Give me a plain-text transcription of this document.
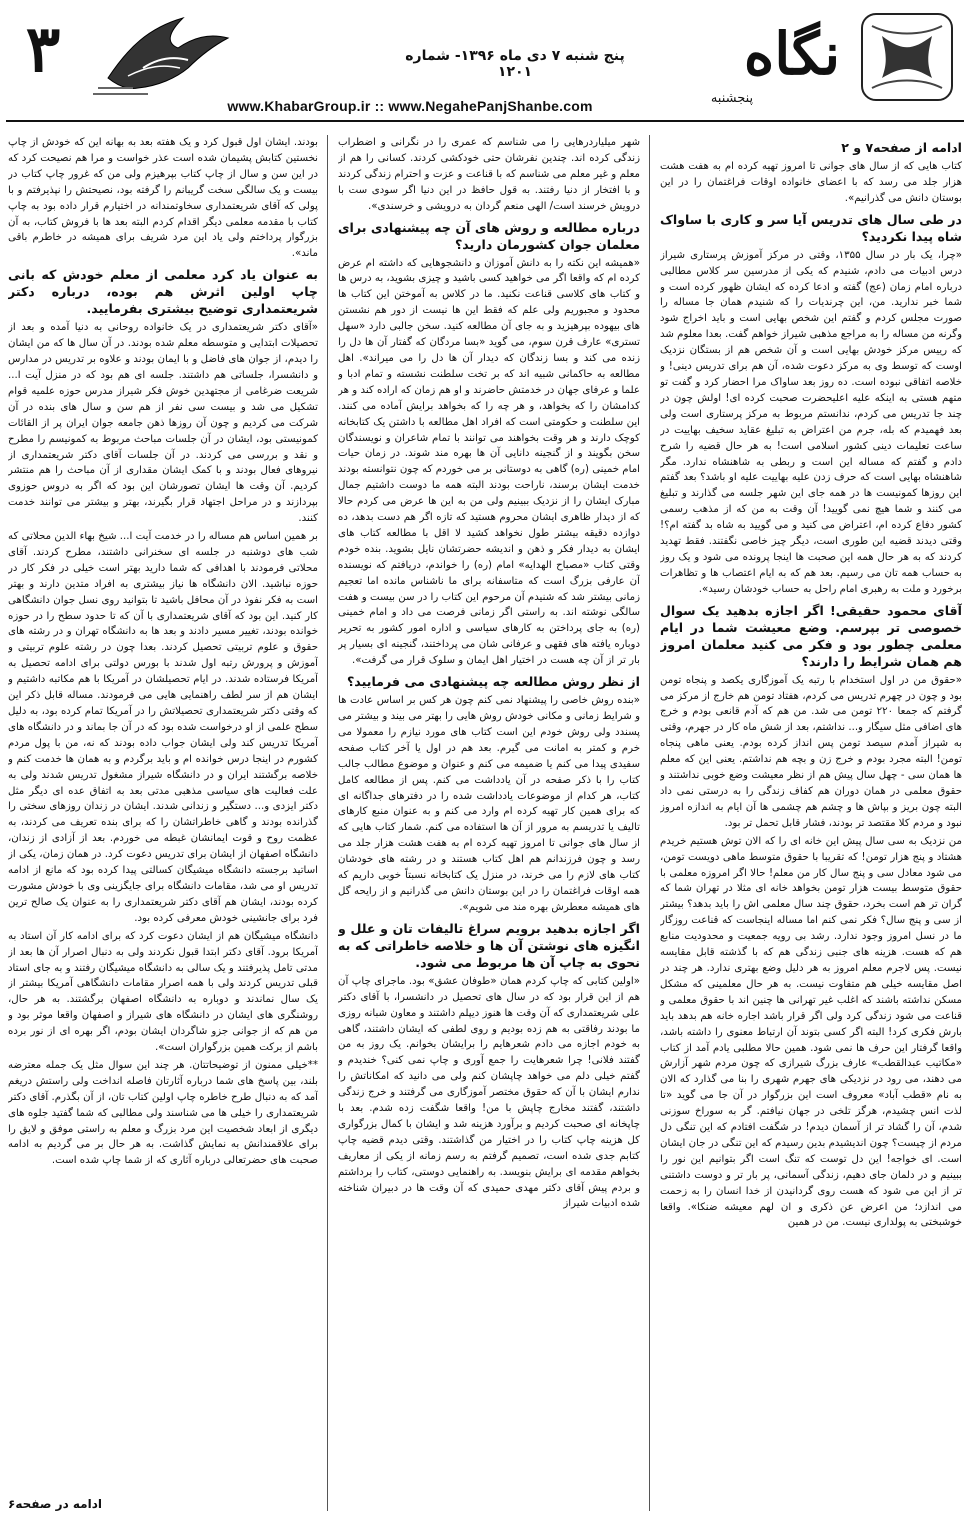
۳	نگاه
پنجشنبه
پنج شنبه ۷ دی ماه ۱۳۹۶- شماره ۱۲۰۱
www.KhabarGroup.ir :: www.NegahePanjShanbe.com
ادامه از صفحه۷ و ۲

کتاب هایی که از سال های جوانی تا امروز تهیه کرده ام به هفت هشت هزار جلد می رسد که با اعضای خانواده اوقات فراغتمان را در این بوستان دانش می گذرانیم».

در طی سال های تدریس آیا سر و کاری با ساواک شاه پیدا نکردید؟

«چرا، یک بار در سال ۱۳۵۵، وقتی در مرکز آموزش پرستاری شیراز درس ادبیات می دادم، شنیدم که یکی از مدرسین سر کلاس مطالبی درباره امام زمان (عج) گفته و ادعا کرده که ایشان ظهور کرده است و شما خبر ندارید. من، این چرندیات را که شنیدم همان جا مساله را صورت مجلس کردم و گفتم این شخص بهایی است و باید اخراج شود وگرنه من مساله را به مراجع مذهبی شیراز خواهم گفت. بعدا معلوم شد که رییس مرکز خودش بهایی است و آن شخص هم از بستگان نزدیک اوست که توسط وی به مرکز دعوت شده، آن هم برای تدریس دینی! و خلاصه اتفاقی نبوده است. ده روز بعد ساواک مرا احضار کرد و گفت تو متهم هستی به اینکه علیه اعلیحضرت صحبت کرده ای! اولش چون در چند جا تدریس می کردم، ندانستم مربوط به مرکز پرستاری است ولی بعد فهمیدم که بله، جرم من اعتراض به تبلیغ عقاید سخیف بهاییت در ساعت تعلیمات دینی کشور اسلامی است! به هر حال قضیه را شرح دادم و گفتم که مساله این است و ربطی به شاهنشاه ندارد. مگر شاهنشاه بهایی است که حرف زدن علیه بهاییت علیه او باشد؟ بعد گفتم این روزها کمونیست ها در همه جای این شهر جلسه می گذارند و تبلیغ می کنند و شما هیچ نمی گویید! آن وقت به من که از مذهب رسمی کشور دفاع کرده ام، اعتراض می کنید و می گویید به شاه بد گفته ام؟! وقتی دیدند قضیه این طوری است، دیگر چیز خاصی نگفتند. فقط تهدید کردند که به هر حال همه این صحبت ها اینجا پرونده می شود و یک روز به حساب همه تان می رسیم. بعد هم که به ایام اعتصاب ها و تظاهرات برخورد و ملت به رهبری امام راحل به حساب خودشان رسید».

آقای محمود حقیقی! اگر اجازه بدهید یک سوال خصوصی تر بپرسم. وضع معیشت شما در ایام معلمی چطور بود و فکر می کنید معلمان امروز هم همان شرایط را دارند؟

«حقوق من در اول استخدام با رتبه یک آموزگاری یکصد و پنجاه تومن بود و چون در چهرم تدریس می کردم، هفتاد تومن هم خارج از مرکز می گرفتم که جمعا ۲۲۰ تومن می شد. من هم که آدم قانعی بودم و خرج های اضافی مثل سیگار و... نداشتم، بعد از شش ماه کار در جهرم، وقتی به شیراز آمدم سیصد تومن پس انداز کرده بودم. یعنی ماهی پنجاه تومن! البته مجرد بودم و خرج زن و بچه هم نداشتم. یعنی این که معلم ها همان سی - چهل سال پیش هم از نظر معیشت وضع خوبی نداشتند و حقوق معلمی در همان دوران هم کفاف زندگی را به درستی نمی داد البته چون بریز و بپاش ها و چشم هم چشمی ها آن ایام به اندازه امروز نبود و مردم کلا مقتصد تر بودند، فشار قابل تحمل تر بود.

من نزدیک به سی سال پیش این خانه ای را که الان توش هستیم خریدم هشتاد و پنج هزار تومن! که تقریبا با حقوق متوسط ماهی دویست تومن، می شود معادل سی و پنج سال کار من معلم! حالا اگر امروزه معلمی با حقوق متوسط بیست هزار تومن بخواهد خانه ای مثلا در تهران شما که گران تر هم است بخرد، حقوق چند سال معلمی اش را باید بدهد؟ بیشتر از سی و پنج سال؟ فکر نمی کنم اما مساله اینجاست که قناعت روزگار ما در نسل امروز وجود ندارد. رشد بی رویه جمعیت و محدودیت منابع هم که هست. هزینه های جنبی زندگی هم که با گذشته قابل مقایسه نیست. پس لاجرم معلم امروز به هر دلیل وضع بهتری ندارد. هر چند در اصل مقایسه خیلی هم متفاوت نیست. به هر حال معلمینی که مشکل مسکن نداشته باشند که اغلب غیر تهرانی ها چنین اند با حقوق معلمی و قناعت می شود زندگی کرد ولی اگر قرار باشد اجاره خانه هم بدهد باید بارش فکری کرد! البته اگر کسی بتوند آن ارتباط معنوی را داشته باشد، واقعا گرفتار این حرف ها نمی شود. همین حالا مطلبی یادم آمد از کتاب «مکاتیب عبدالقطب» عارف بزرگ شیرازی که چون مردم شهر آزارش می دهند، می رود در نزدیکی های جهرم شهری را بنا می گذارد که الان به نام «قطب آباد» معروف است این بزرگوار در آن جا می گوید «تا لذت انس چشیدم، هرگز تلخی در جهان نیافتم. گر به سوراخ سوزنی شدم، آن را گشاد تر از آسمان دیدم! در شگفت افتادم که این تنگی دل مردم از چیست؟ چون اندیشیدم بدین رسیدم که این تنگی در جان ایشان است. ای خواجه! این دل توست که تنگ است اگر بتوانیم این نور را ببینیم و در دلمان جای دهیم، زندگی آسمانی، پر بار تر و دوست داشتنی تر از این می شود که هست روی گردانیدن از خدا انسان را به زحمت می اندازد؛ من اعرض عن ذکری و ان لهم معیشه ضنکا». واقعا خوشبختی به پولداری نیست. من در همین

شهر میلیاردرهایی را می شناسم که عمری را در نگرانی و اضطراب زندگی کرده اند. چندین نفرشان حتی خودکشی کردند. کسانی را هم از معلم و غیر معلم می شناسم که با قناعت و عزت و احترام زندگی کردند و با افتخار از دنیا رفتند. به قول حافظ در این دنیا اگر سودی ست با درویش خرسند است/ الهی منعم گردان به درویشی و خرسندی».

درباره مطالعه و روش های آن چه پیشنهادی برای معلمان جوان کشورمان دارید؟

«همیشه این نکته را به دانش آموزان و دانشجوهایی که داشته ام عرض کرده ام که واقعا اگر می خواهید کسی باشید و چیزی بشوید، به درس ها و کتاب های کلاسی قناعت نکنید. ما در کلاس به آموختن این کتاب ها محدود و مجبوریم ولی علم که فقط این ها نیست از دور هم نشستن های بیهوده بپرهیزید و به جای آن مطالعه کنید. سخن جالبی دارد «سهل تستری» عارف قرن سوم، می گوید «بسا مردگان که گفتار آن ها دل را زنده می کند و بسا زندگان که دیدار آن ها دل را می میراند». اهل مطالعه به حاکمانی شبیه اند که بر تخت سلطنت نشسته و تمام ادبا و علما و عرفای جهان در خدمتش حاضرند و او هم زمان که اراده کند و هر کدامشان را که بخواهد، و هر چه را که بخواهد برایش آماده می کنند. این سلطنت و حکومتی است که افراد اهل مطالعه با داشتن یک کتابخانه کوچک دارند و هر وقت بخواهند می توانند با تمام شاعران و نویسندگان سخن بگویند و از گنجینه دانایی آن ها بهره مند شوند. در زمان حیات امام خمینی (ره) گاهی به دوستانی بر می خوردم که چون نتوانسته بودند خدمت ایشان برسند، ناراحت بودند البته همه ما دوست داشتیم جمال مبارک ایشان را از نزدیک ببینیم ولی من به این ها عرض می کردم حالا که از دیدار ظاهری ایشان محروم هستید که تازه اگر هم دست بدهد، ده دوازده دقیقه بیشتر طول نخواهد کشید لا اقل با مطالعه کتاب های ایشان به دیدار فکر و ذهن و اندیشه حضرتشان نایل بشوید. بنده خودم وقتی کتاب «مصباح الهدایه» امام (ره) را خواندم، دریافتم که نویسنده آن عارفی بزرگ است که متاسفانه برای ما ناشناس مانده اما تعجیم زمانی بیشتر شد که شنیدم آن مرحوم این کتاب را در سن بیست و هفت سالگی نوشته اند. به راستی اگر زمانی فرصت می داد و امام خمینی (ره) به جای پرداختن به کارهای سیاسی و اداره امور کشور به تحریر دوباره یافته های فقهی و عرفانی شان می پرداختند، گنجینه ای بسیار پر بار تر از آن چه هست در اختیار اهل ایمان و سلوک قرار می گرفت».

از نظر روش مطالعه چه پیشنهادی می فرمایید؟

«بنده روش خاصی را پیشنهاد نمی کنم چون هر کس بر اساس عادت ها و شرایط زمانی و مکانی خودش روش هایی را بهتر می بیند و بیشتر می پسندد ولی روش خودم این است کتاب های مورد نیازم را معمولا می خرم و کمتر به امانت می گیرم. بعد هم در اول یا آخر کتاب صفحه سفیدی پیدا می کنم یا ضمیمه می کنم و عنوان و موضوع مطالب جالب کتاب را با ذکر صفحه در آن یادداشت می کنم. پس از مطالعه کامل کتاب، هر کدام از موضوعات یادداشت شده را در دفترهای جداگانه ای که برای همین کار تهیه کرده ام وارد می کنم و به عنوان منبع کارهای تالیف یا تدریسم به مرور از آن ها استفاده می کنم. شمار کتاب هایی که از سال های جوانی تا امروز تهیه کرده ام به هفت هشت هزار جلد می رسد و چون فرزندانم هم اهل کتاب هستند و در رشته های خودشان کتاب های لازم را می خرند، در منزل یک کتابخانه نسبتاً خوبی داریم که همه اوقات فراغتمان را در این بوستان دانش می گذرانیم و از رایحه گل های همیشه معطرش بهره مند می شویم».

اگر اجازه بدهید برویم سراغ تالیفات تان و علل و انگیزه های نوشتن آن ها و خلاصه خاطراتی که به نحوی به چاپ آن ها مربوط می شود.

«اولین کتابی که چاپ کردم همان «طوفان عشق» بود. ماجرای چاپ آن هم از این قرار بود که در سال های تحصیل در دانشسرا، با آقای دکتر علی شریعتمداری که آن وقت ها هنوز دیپلم داشتند و معاون شبانه روزی ما بودند رفاقتی به هم زده بودیم و روی لطفی که ایشان داشتند، گاهی به خودم اجازه می دادم شعرهایم را برایشان بخوانم. یک روز به من گفتند فلانی! چرا شعرهایت را جمع آوری و چاپ نمی کنی؟ خندیدم و گفتم خیلی دلم می خواهد چاپشان کنم ولی می دانید که امکاناتش را ندارم ایشان با آن که حقوق مختصر آموزگاری می گرفتند و خرج زندگی داشتند، گفتند مخارج چاپش با من! واقعا شگفت زده شدم. بعد با چاپخانه ای صحبت کردیم و برآورد هزینه شد و ایشان با کمال بزرگواری کل هزینه چاپ کتاب را در اختیار من گذاشتند. وقتی دیدم قضیه چاپ کتابم جدی شده است، تصمیم گرفتم به رسم زمانه از یکی از معاریف بخواهم مقدمه ای برایش بنویسد. به راهنمایی دوستی، کتاب را برداشتم و بردم پیش آقای دکتر مهدی حمیدی که آن وقت ها در دبیران شناخته شده ادبیات شیراز

بودند. ایشان اول قبول کرد و یک هفته بعد به بهانه این که خودش از چاپ نخستین کتابش پشیمان شده است عذر خواست و مرا هم نصیحت کرد که در این سن و سال از چاپ کتاب بپرهیزم ولی من که غرور چاپ کتاب در بیست و یک سالگی سخت گریبانم را گرفته بود، نصیحتش را نپذیرفتم و با پولی که آقای شریعتمداری سخاوتمندانه در اختیارم قرار داده بود به چاپ کتاب با مقدمه معلمی دیگر اقدام کردم البته بعد ها با فروش کتاب، به آن بزرگوار پرداختم ولی یاد این مرد شریف برای همیشه در خاطرم باقی ماند».

به عنوان یاد کرد معلمی از معلم خودش که بانی چاپ اولین اثرش هم بوده، درباره دکتر شریعتمداری توضیح بیشتری بفرمایید.

«آقای دکتر شریعتمداری در یک خانواده روحانی به دنیا آمده و بعد از تحصیلات ابتدایی و متوسطه معلم شده بودند. در آن سال ها که من ایشان را دیدم، از جوان های فاضل و با ایمان بودند و علاوه بر تدریس در مدارس و دانشسرا، جلساتی هم داشتند. جلسه ای هم بود که در منزل آیت ا... شریعت ضرغامی از مجتهدین خوش فکر شیراز مدرس حوزه علمیه قوام تشکیل می شد و بیست سی نفر از هم سن و سال های بنده در آن شرکت می کردیم و چون آن روزها ذهن جامعه جوان ایران پر از القائات کمونیستی بود، ایشان در آن جلسات مباحث مربوط به کمونیسم را مطرح و نقد و بررسی می کردند. در آن جلسات آقای دکتر شریعتمداری از نیروهای فعال بودند و با کمک ایشان مقداری از آن مباحث را هم منتشر کردیم. آن وقت ها ایشان تصورشان این بود که اگر به دروس حوزوی بپردازند و در مراحل اجتهاد قرار بگیرند، بهتر و بیشتر می توانند خدمت کنند.

بر همین اساس هم مساله را در خدمت آیت ا... شیخ بهاء الدین محلاتی که شب های دوشنبه در جلسه ای سخنرانی داشتند، مطرح کردند. آقای محلاتی فرمودند با اهدافی که شما دارید بهتر است خیلی در فکر کار در حوزه نباشید. الان دانشگاه ها نیاز بیشتری به افراد متدین دارند و بهتر است به فکر نفوذ در آن محافل باشید تا بتوانید روی نسل جوان دانشگاهی کار کنید. این بود که آقای شریعتمداری با آن که تا حدود سطح را در حوزه خوانده بودند، تغییر مسیر دادند و بعد ها به دانشگاه تهران و در رشته های حقوق و علوم تربیتی تحصیل کردند. بعدا چون در رشته علوم تربیتی و آموزش و پرورش رتبه اول شدند با بورس دولتی برای ادامه تحصیل به آمریکا فرستاده شدند. در ایام تحصیلشان در آمریکا با هم مکاتبه داشتیم و ایشان هم از سر لطف راهنمایی هایی می فرمودند. مساله قابل ذکر این که وقتی دکتر شریعتمداری تحصیلاتش را در آمریکا تمام کرده بود، به دلیل سطح علمی از او درخواست شده بود که در آن جا بماند و در دانشگاه های آمریکا تدریس کند ولی ایشان جواب داده بودند که نه، من با پول مردم کشورم در اینجا درس خوانده ام و باید برگردم و به همان ها خدمت کنم و خلاصه برگشتند ایران و در دانشگاه شیراز مشغول تدریس شدند ولی به علت فعالیت های سیاسی مذهبی مدتی بعد به اتفاق عده ای دیگر مثل دکتر ایزدی و... دستگیر و زندانی شدند. ایشان در زندان روزهای سختی را گذرانده بودند و گاهی خاطراتشان را که برای بنده تعریف می کردند، به عظمت روح و قوت ایمانشان غبطه می خوردم. بعد از آزادی از زندان، دانشگاه اصفهان از ایشان برای تدریس دعوت کرد. در همان زمان، یکی از اساتید برجسته دانشگاه میشیگان کسالتی پیدا کرده بود که مانع از ادامه تدریس او می شد، مقامات دانشگاه برای جایگزینی وی با خودش مشورت کرده بودند، ایشان هم آقای دکتر شریعتمداری را به عنوان یک صالح ترین فرد برای جانشینی خودش معرفی کرده بود.

دانشگاه میشیگان هم از ایشان دعوت کرد که برای ادامه کار آن استاد به آمریکا برود. آقای دکتر ابتدا قبول نکردند ولی به دنبال اصرار آن ها بعد از مدتی تامل پذیرفتند و یک سالی به دانشگاه میشیگان رفتند و به جای استاد قبلی تدریس کردند ولی با همه اصرار مقامات دانشگاهی آمریکا بیشتر از یک سال نماندند و دوباره به دانشگاه اصفهان برگشتند. به هر حال، روشنگری های ایشان در دانشگاه های شیراز و اصفهان واقعا موثر بود و من هم که از جوانی جزو شاگردان ایشان بودم، اگر بهره ای از نور برده باشم از برکت همین بزرگواران است».

**خیلی ممنون از توضیحاتتان. هر چند این سوال مثل یک جمله معترضه بلند، بین پاسخ های شما درباره آثارتان فاصله انداخت ولی راستش دریغم آمد که به دنبال طرح خاطره چاپ اولین کتاب تان، از آن بگذرم. آقای دکتر شریعتمداری را خیلی ها می شناسند ولی مطالبی که شما گفتید جلوه های دیگری از ابعاد شخصیت این مرد بزرگ و معلم به راستی موفق و لایق را برای علاقمندانش به نمایش گذاشت. به هر حال بر می گردیم به ادامه صحبت های حضرتعالی درباره آثاری که از شما چاپ شده است.

ادامه در صفحه۶
